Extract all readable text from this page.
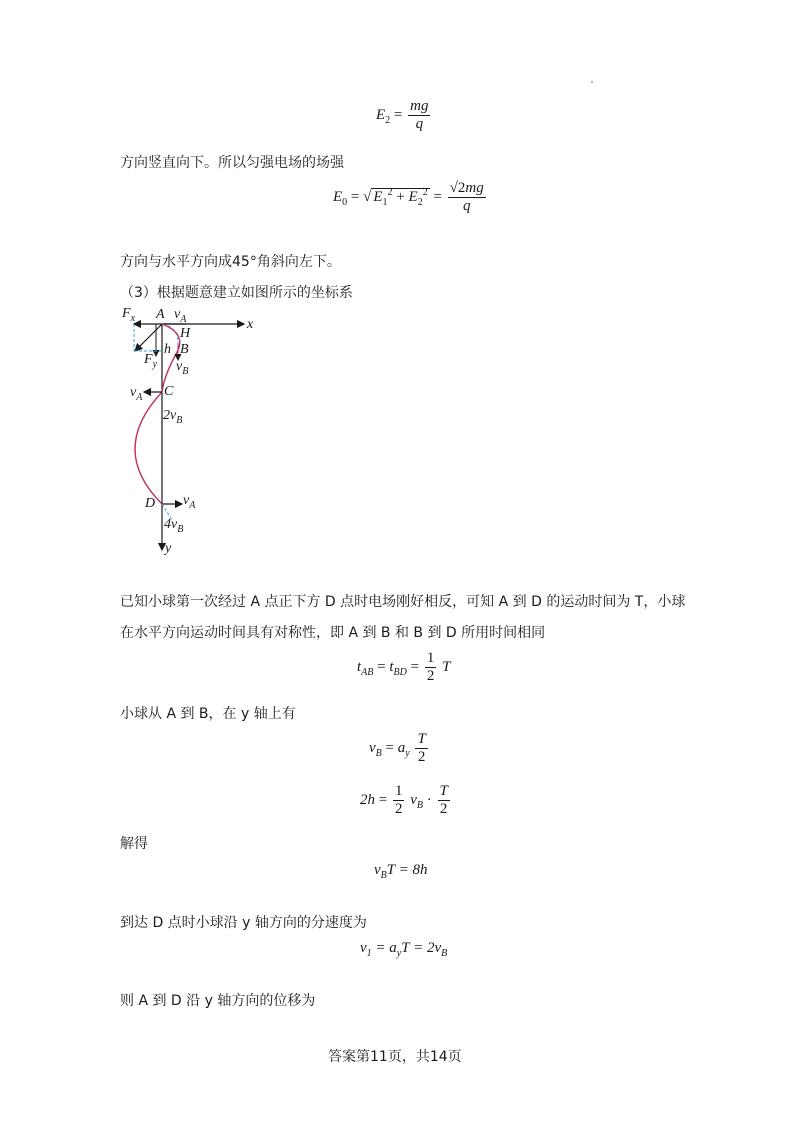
$E_2 = \frac{mg}{q}$
方向竖直向下。所以匀强电场的场强
$E_0$ = √ $E_1^2 + E_2^2 = \frac{√2mg}{q}$
方向与水平方向成45°角斜向左下。
（3）根据题意建立如图所示的坐标系
$F_x$ A $v_A$	x
H
h B
$F_y$ $v_B$
$v_A$ C
$2v_B$
D $v_A$
$4v_B$
y
已知小球第一次经过 A 点正下方 D 点时电场刚好相反，可知 A 到 D 的运动时间为 T，小球
在水平方向运动时间具有对称性，即 A 到 B 和 B 到 D 所用时间相同
$t_{AB} = t_{BD} = \frac{1}{2}$ T
小球从 A 到 B，在 y 轴上有
$v_B = a_y \frac{T}{2}$
$2h = \frac{1}{2} v_B \cdot \frac{T}{2}$
解得
$v_BT = 8h$
到达 D 点时小球沿 y 轴方向的分速度为
$v_1 = a_yT = 2v_B$
则 A 到 D 沿 y 轴方向的位移为
答案第11页，共14页
